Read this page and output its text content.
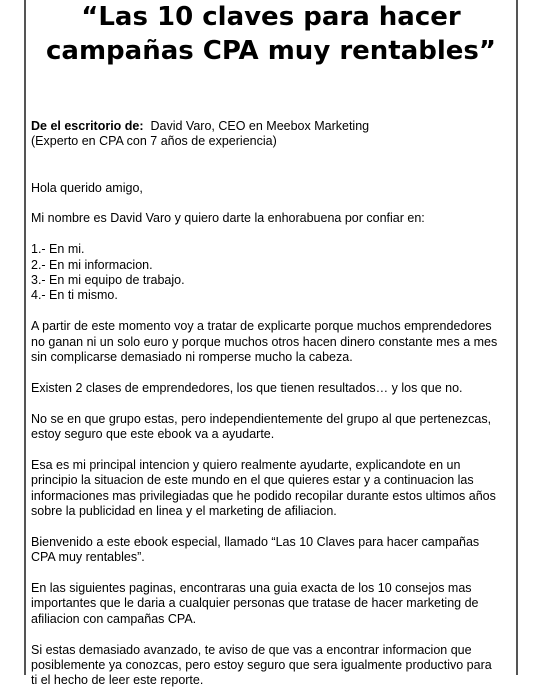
“Las 10 claves para hacer
campañas CPA muy rentables”

De el escritorio de: David Varo, CEO en Meebox Marketing

(Experto en CPA con 7 años de experiencia)

Hola querido amigo,

Mi nombre es David Varo y quiero darte la enhorabuena por confiar en:

1.- En mi.

2.- En mi informacion.

3.- En mi equipo de trabajo.

4.- En ti mismo.

A partir de este momento voy a tratar de explicarte porque muchos emprendedores

no ganan ni un solo euro y porque muchos otros hacen dinero constante mes a mes

sin complicarse demasiado ni romperse mucho la cabeza.

Existen 2 clases de emprendedores, los que tienen resultados… y los que no.

No se en que grupo estas, pero independientemente del grupo al que pertenezcas,

estoy seguro que este ebook va a ayudarte.

Esa es mi principal intencion y quiero realmente ayudarte, explicandote en un

principio la situacion de este mundo en el que quieres estar y a continuacion las

informaciones mas privilegiadas que he podido recopilar durante estos ultimos años

sobre la publicidad en linea y el marketing de afiliacion.

Bienvenido a este ebook especial, llamado “Las 10 Claves para hacer campañas

CPA muy rentables”.

En las siguientes paginas, encontraras una guia exacta de los 10 consejos mas

importantes que le daria a cualquier personas que tratase de hacer marketing de

afiliacion con campañas CPA.

Si estas demasiado avanzado, te aviso de que vas a encontrar informacion que

posiblemente ya conozcas, pero estoy seguro que sera igualmente productivo para

ti el hecho de leer este reporte.
